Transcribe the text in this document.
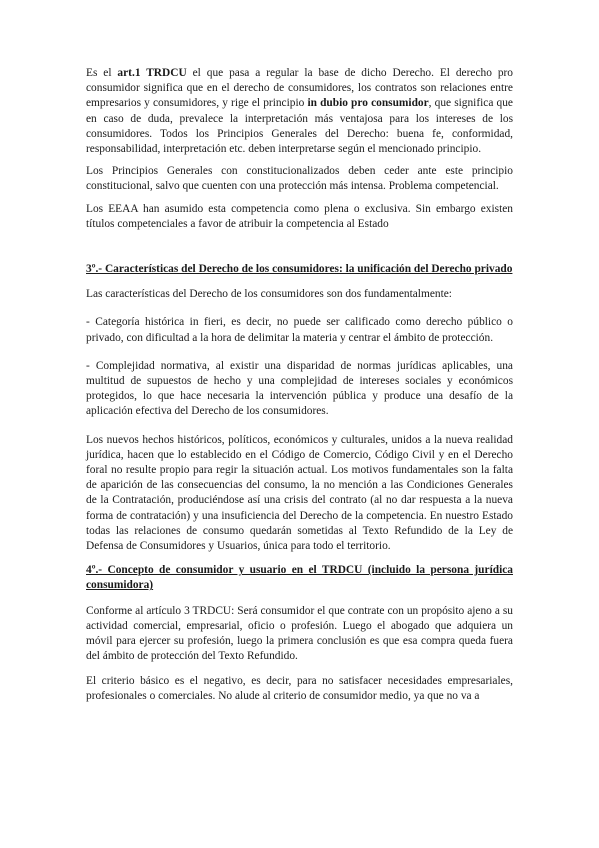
Es el art.1 TRDCU el que pasa a regular la base de dicho Derecho. El derecho pro consumidor significa que en el derecho de consumidores, los contratos son relaciones entre empresarios y consumidores, y rige el principio in dubio pro consumidor, que significa que en caso de duda, prevalece la interpretación más ventajosa para los intereses de los consumidores. Todos los Principios Generales del Derecho: buena fe, conformidad, responsabilidad, interpretación etc. deben interpretarse según el mencionado principio.

Los Principios Generales con constitucionalizados deben ceder ante este principio constitucional, salvo que cuenten con una protección más intensa. Problema competencial.

Los EEAA han asumido esta competencia como plena o exclusiva. Sin embargo existen títulos competenciales a favor de atribuir la competencia al Estado

3º.- Características del Derecho de los consumidores: la unificación del Derecho privado

Las características del Derecho de los consumidores son dos fundamentalmente:

- Categoría histórica in fieri, es decir, no puede ser calificado como derecho público o privado, con dificultad a la hora de delimitar la materia y centrar el ámbito de protección.

- Complejidad normativa, al existir una disparidad de normas jurídicas aplicables, una multitud de supuestos de hecho y una complejidad de intereses sociales y económicos protegidos, lo que hace necesaria la intervención pública y produce una desafío de la aplicación efectiva del Derecho de los consumidores.

Los nuevos hechos históricos, políticos, económicos y culturales, unidos a la nueva realidad jurídica, hacen que lo establecido en el Código de Comercio, Código Civil y en el Derecho foral no resulte propio para regir la situación actual. Los motivos fundamentales son la falta de aparición de las consecuencias del consumo, la no mención a las Condiciones Generales de la Contratación, produciéndose así una crisis del contrato (al no dar respuesta a la nueva forma de contratación) y una insuficiencia del Derecho de la competencia. En nuestro Estado todas las relaciones de consumo quedarán sometidas al Texto Refundido de la Ley de Defensa de Consumidores y Usuarios, única para todo el territorio.

4º.- Concepto de consumidor y usuario en el TRDCU (incluido la persona jurídica consumidora)

Conforme al artículo 3 TRDCU: Será consumidor el que contrate con un propósito ajeno a su actividad comercial, empresarial, oficio o profesión. Luego el abogado que adquiera un móvil para ejercer su profesión, luego la primera conclusión es que esa compra queda fuera del ámbito de protección del Texto Refundido.

El criterio básico es el negativo, es decir, para no satisfacer necesidades empresariales, profesionales o comerciales. No alude al criterio de consumidor medio, ya que no va a
